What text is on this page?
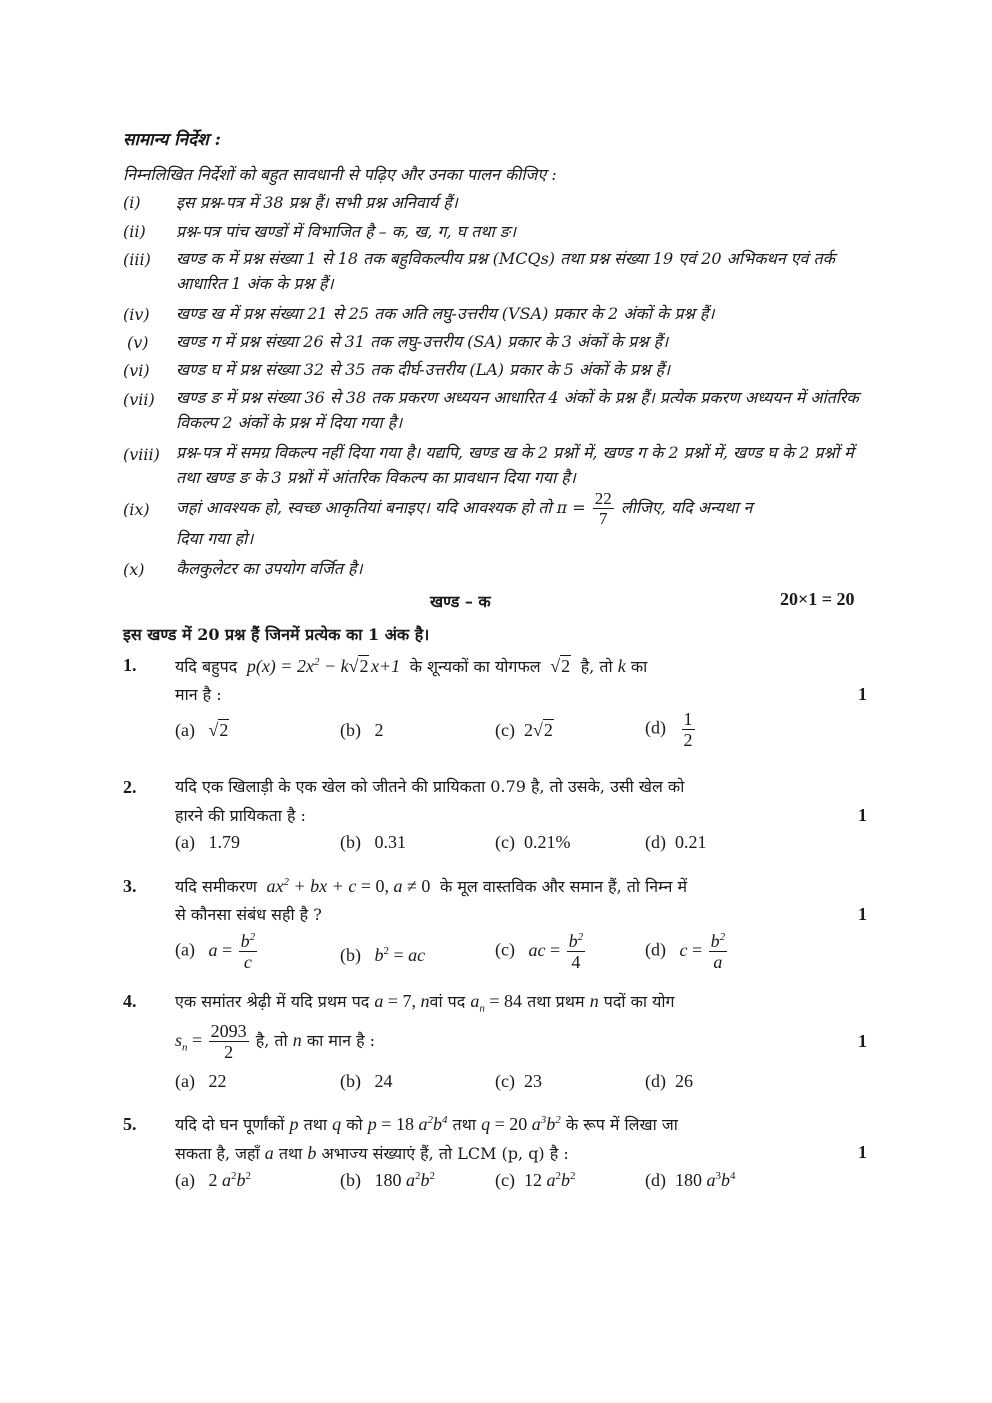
सामान्य निर्देश :
निम्नलिखित निर्देशों को बहुत सावधानी से पढ़िए और उनका पालन कीजिए :
(i) इस प्रश्न-पत्र में 38 प्रश्न हैं। सभी प्रश्न अनिवार्य हैं।
(ii) प्रश्न-पत्र पांच खण्डों में विभाजित है – क, ख, ग, घ तथा ङ।
(iii) खण्ड क में प्रश्न संख्या 1 से 18 तक बहुविकल्पीय प्रश्न (MCQs) तथा प्रश्न संख्या 19 एवं 20 अभिकथन एवं तर्क आधारित 1 अंक के प्रश्न हैं।
(iv) खण्ड ख में प्रश्न संख्या 21 से 25 तक अति लघु-उत्तरीय (VSA) प्रकार के 2 अंकों के प्रश्न हैं।
(v) खण्ड ग में प्रश्न संख्या 26 से 31 तक लघु-उत्तरीय (SA) प्रकार के 3 अंकों के प्रश्न हैं।
(vi) खण्ड घ में प्रश्न संख्या 32 से 35 तक दीर्घ-उत्तरीय (LA) प्रकार के 5 अंकों के प्रश्न हैं।
(vii) खण्ड ङ में प्रश्न संख्या 36 से 38 तक प्रकरण अध्ययन आधारित 4 अंकों के प्रश्न हैं। प्रत्येक प्रकरण अध्ययन में आंतरिक विकल्प 2 अंकों के प्रश्न में दिया गया है।
(viii) प्रश्न-पत्र में समग्र विकल्प नहीं दिया गया है। यद्यपि, खण्ड ख के 2 प्रश्नों में, खण्ड ग के 2 प्रश्नों में, खण्ड घ के 2 प्रश्नों में तथा खण्ड ङ के 3 प्रश्नों में आंतरिक विकल्प का प्रावधान दिया गया है।
(ix) जहां आवश्यक हो, स्वच्छ आकृतियां बनाइए। यदि आवश्यक हो तो $\pi = \frac{22}{7}$ लीजिए, यदि अन्यथा न
दिया गया हो।
(x) कैलकुलेटर का उपयोग वर्जित है।
खण्ड – क	20×1 = 20
इस खण्ड में 20 प्रश्न हैं जिनमें प्रत्येक का 1 अंक है।
1. यदि बहुपद  $p(x) = 2x^2 - k√2$ x+1  के शून्यकों का योगफल  √2 है, तो k का
मान है :	1
(a)   √2	(b) 2	(c) 2√2	$(d) \frac{1}{2}$
2. यदि एक खिलाड़ी के एक खेल को जीतने की प्रायिकता 0.79 है, तो उसके, उसी खेल को
हारने की प्रायिकता है :	1
(a) 1.79	(b) 0.31	(c) 0.21%	(d) 0.21
3. यदि समीकरण  $ax^2$ + bx + c = 0, a ≠ 0 के मूल वास्तविक और समान हैं, तो निम्न में
से कौनसा संबंध सही है ?	1
(a) $a = \frac{b^2}{c}$	(b) $b^2$ = ac	(c) ac = $\frac{b^2}{4}$	(d) $c = \frac{b^2}{a}$
4. एक समांतर श्रेढ़ी में यदि प्रथम पद a = 7, nवां पद $a_n = 84$ तथा प्रथम n पदों का योग
$s_n = \frac{2093}{2}$ है, तो n का मान है :	1
(a) 22	(b) 24	(c) 23	(d) 26
5. यदि दो घन पूर्णांकों p तथा q को p = 18 $a^2b^4$ तथा q = 20 $a^3b^2$ के रूप में लिखा जा
सकता है, जहाँ a तथा b अभाज्य संख्याएं हैं, तो LCM (p, q) है :	1
(a) 2 $a^2b^2$	(b) 180 $a^2b^2$	(c) 12 $a^2b^2$	(d) 180 $a^3b^4$
